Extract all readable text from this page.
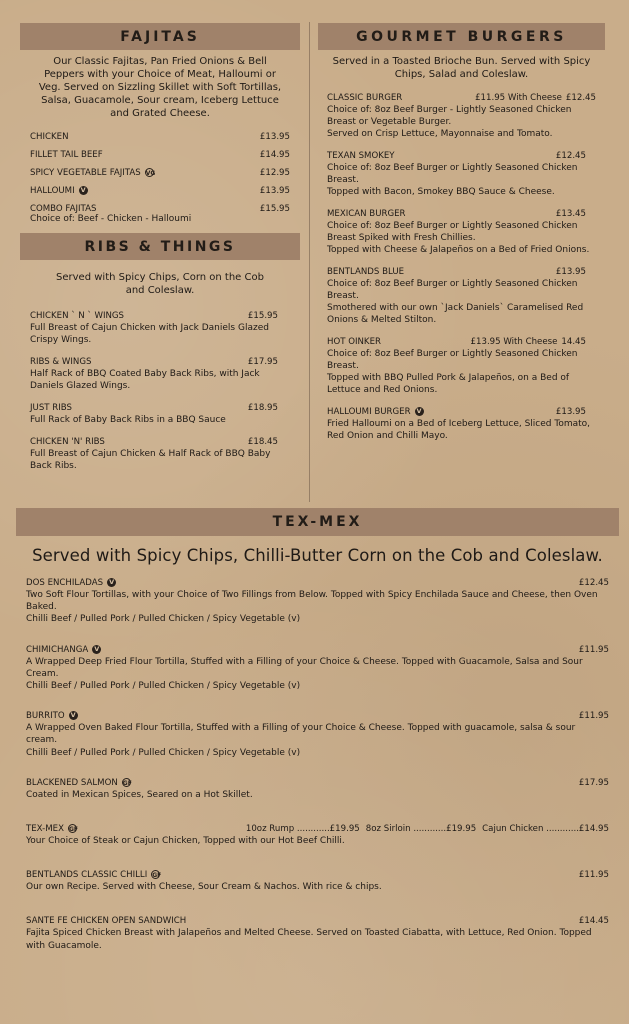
FAJITAS
Our Classic Fajitas, Pan Fried Onions & Bell Peppers with your Choice of Meat, Halloumi or Veg. Served on Sizzling Skillet with Soft Tortillas, Salsa, Guacamole, Sour cream, Iceberg Lettuce and Grated Cheese.
CHICKEN	£13.95
FILLET TAIL BEEF	£14.95
SPICY VEGETABLE FAJITAS VG	£12.95
HALLOUMI V	£13.95
COMBO FAJITAS	£15.95
Choice of: Beef - Chicken - Halloumi
RIBS & THINGS
Served with Spicy Chips, Corn on the Cob and Coleslaw.
CHICKEN ` N ` WINGS	£15.95
Full Breast of Cajun Chicken with Jack Daniels Glazed Crispy Wings.
RIBS & WINGS	£17.95
Half Rack of BBQ Coated Baby Back Ribs, with Jack Daniels Glazed Wings.
JUST RIBS	£18.95
Full Rack of Baby Back Ribs in a BBQ Sauce
CHICKEN 'N' RIBS	£18.45
Full Breast of Cajun Chicken & Half Rack of BBQ Baby Back Ribs.
GOURMET BURGERS
Served in a Toasted Brioche Bun. Served with Spicy Chips, Salad and Coleslaw.
CLASSIC BURGER	£11.95 With Cheese £12.45
Choice of: 8oz Beef Burger - Lightly Seasoned Chicken Breast or Vegetable Burger.
Served on Crisp Lettuce, Mayonnaise and Tomato.
TEXAN SMOKEY	£12.45
Choice of: 8oz Beef Burger or Lightly Seasoned Chicken Breast.
Topped with Bacon, Smokey BBQ Sauce & Cheese.
MEXICAN BURGER	£13.45
Choice of: 8oz Beef Burger or Lightly Seasoned Chicken Breast Spiked with Fresh Chillies.
Topped with Cheese & Jalapeños on a Bed of Fried Onions.
BENTLANDS BLUE	£13.95
Choice of: 8oz Beef Burger or Lightly Seasoned Chicken Breast.
Smothered with our own `Jack Daniels` Caramelised Red Onions & Melted Stilton.
HOT OINKER	£13.95 With Cheese 14.45
Choice of: 8oz Beef Burger or Lightly Seasoned Chicken Breast.
Topped with BBQ Pulled Pork & Jalapeños, on a Bed of Lettuce and Red Onions.
HALLOUMI BURGER V	£13.95
Fried Halloumi on a Bed of Iceberg Lettuce, Sliced Tomato, Red Onion and Chilli Mayo.
TEX-MEX
Served with Spicy Chips, Chilli-Butter Corn on the Cob and Coleslaw.
DOS ENCHILADAS V	£12.45
Two Soft Flour Tortillas, with your Choice of Two Fillings from Below. Topped with Spicy Enchilada Sauce and Cheese, then Oven Baked.
Chilli Beef / Pulled Pork / Pulled Chicken / Spicy Vegetable (v)
CHIMICHANGA V	£11.95
A Wrapped Deep Fried Flour Tortilla, Stuffed with a Filling of your Choice & Cheese. Topped with Guacamole, Salsa and Sour Cream.
Chilli Beef / Pulled Pork / Pulled Chicken / Spicy Vegetable (v)
BURRITO V	£11.95
A Wrapped Oven Baked Flour Tortilla, Stuffed with a Filling of your Choice & Cheese. Topped with guacamole, salsa & sour cream.
Chilli Beef / Pulled Pork / Pulled Chicken / Spicy Vegetable (v)
BLACKENED SALMON GF	£17.95
Coated in Mexican Spices, Seared on a Hot Skillet.
TEX-MEX GF	10oz Rump ............£19.95 8oz Sirloin ............£19.95 Cajun Chicken ............£14.95
Your Choice of Steak or Cajun Chicken, Topped with our Hot Beef Chilli.
BENTLANDS CLASSIC CHILLI GF	£11.95
Our own Recipe. Served with Cheese, Sour Cream & Nachos. With rice & chips.
SANTE FE CHICKEN OPEN SANDWICH	£14.45
Fajita Spiced Chicken Breast with Jalapeños and Melted Cheese. Served on Toasted Ciabatta, with Lettuce, Red Onion. Topped with Guacamole.
